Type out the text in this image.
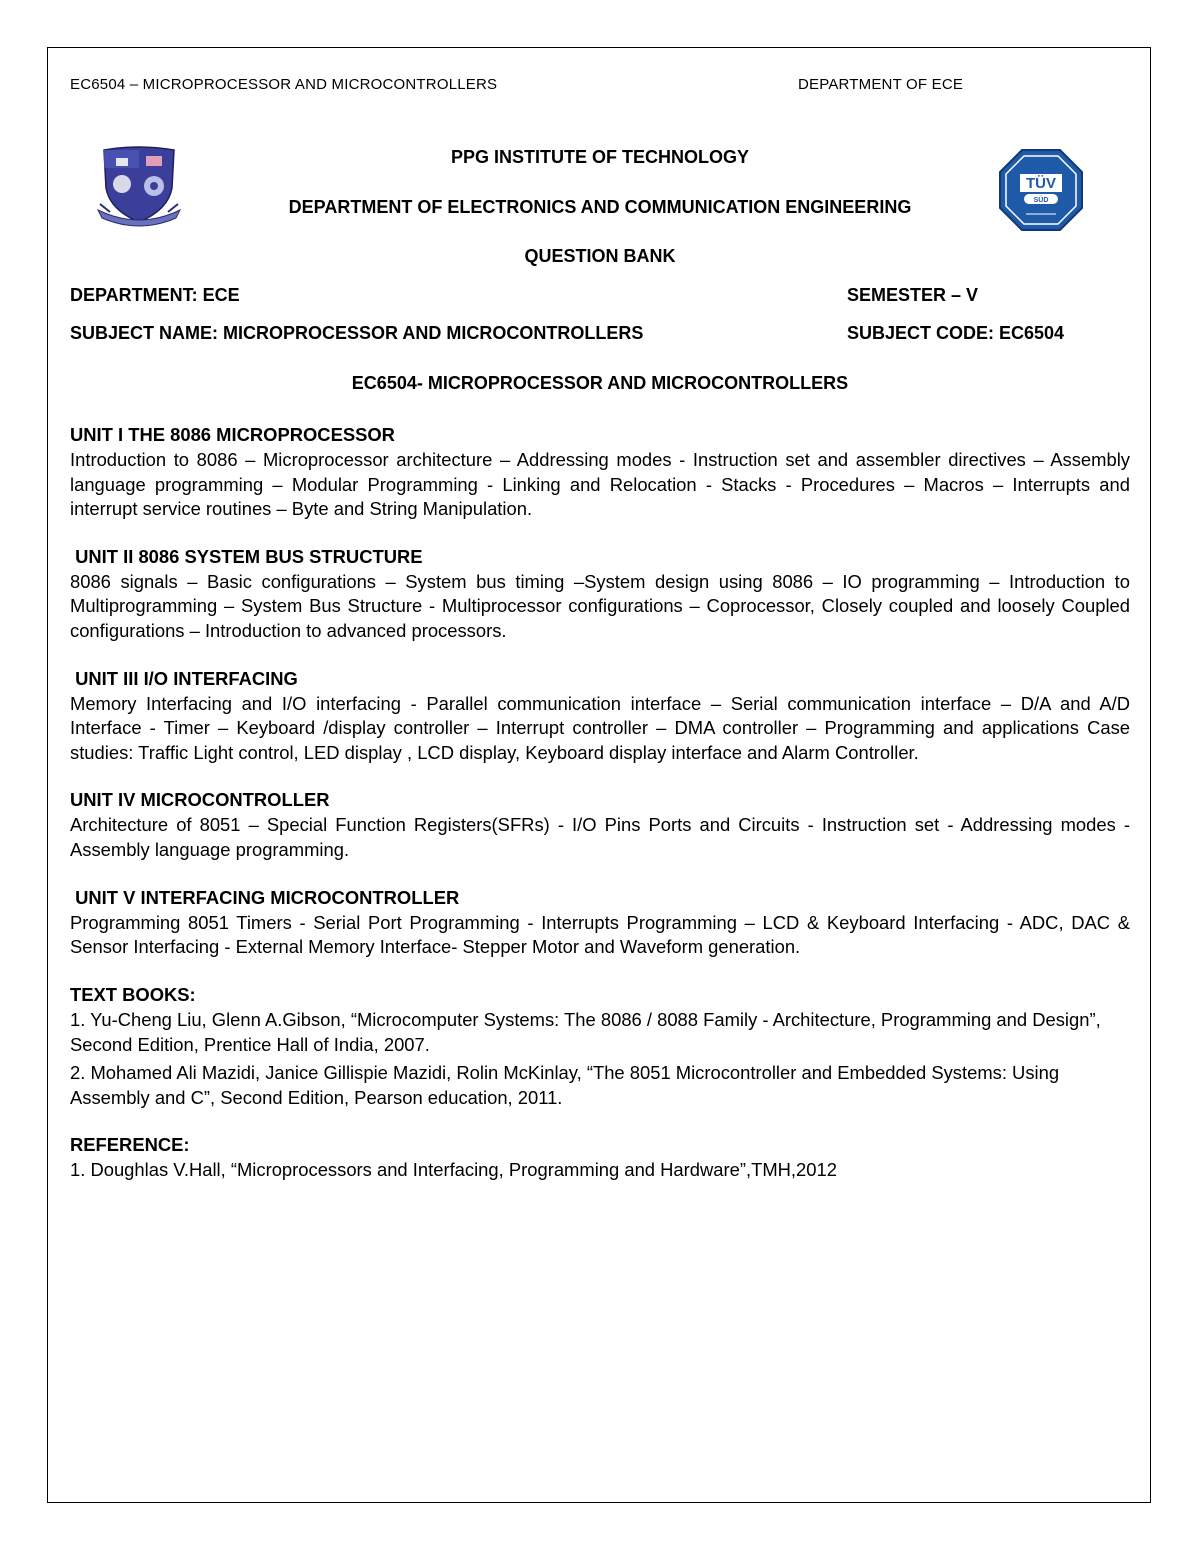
EC6504 – MICROPROCESSOR AND MICROCONTROLLERS	DEPARTMENT OF ECE
TÜV
SÜD
PPG INSTITUTE OF TECHNOLOGY
DEPARTMENT OF ELECTRONICS AND COMMUNICATION ENGINEERING
QUESTION BANK
DEPARTMENT: ECE	SEMESTER – V
SUBJECT NAME: MICROPROCESSOR AND MICROCONTROLLERS	SUBJECT CODE: EC6504
EC6504- MICROPROCESSOR AND MICROCONTROLLERS
UNIT I THE 8086 MICROPROCESSOR

Introduction to 8086 – Microprocessor architecture – Addressing modes - Instruction set and assembler directives – Assembly language programming – Modular Programming - Linking and Relocation - Stacks - Procedures – Macros – Interrupts and interrupt service routines – Byte and String Manipulation.

UNIT II 8086 SYSTEM BUS STRUCTURE

8086 signals – Basic configurations – System bus timing –System design using 8086 – IO programming – Introduction to Multiprogramming – System Bus Structure - Multiprocessor configurations – Coprocessor, Closely coupled and loosely Coupled configurations – Introduction to advanced processors.

UNIT III I/O INTERFACING

Memory Interfacing and I/O interfacing - Parallel communication interface – Serial communication interface – D/A and A/D Interface - Timer – Keyboard /display controller – Interrupt controller – DMA controller – Programming and applications Case studies: Traffic Light control, LED display , LCD display, Keyboard display interface and Alarm Controller.

UNIT IV MICROCONTROLLER

Architecture of 8051 – Special Function Registers(SFRs) - I/O Pins Ports and Circuits - Instruction set - Addressing modes - Assembly language programming.

UNIT V INTERFACING MICROCONTROLLER

Programming 8051 Timers - Serial Port Programming - Interrupts Programming – LCD & Keyboard Interfacing - ADC, DAC & Sensor Interfacing - External Memory Interface- Stepper Motor and Waveform generation.

TEXT BOOKS:
1. Yu-Cheng Liu, Glenn A.Gibson, “Microcomputer Systems: The 8086 / 8088 Family - Architecture, Programming and Design”, Second Edition, Prentice Hall of India, 2007.
2. Mohamed Ali Mazidi, Janice Gillispie Mazidi, Rolin McKinlay, “The 8051 Microcontroller and Embedded Systems: Using Assembly and C”, Second Edition, Pearson education, 2011.
REFERENCE:
1. Doughlas V.Hall, “Microprocessors and Interfacing, Programming and Hardware”,TMH,2012
